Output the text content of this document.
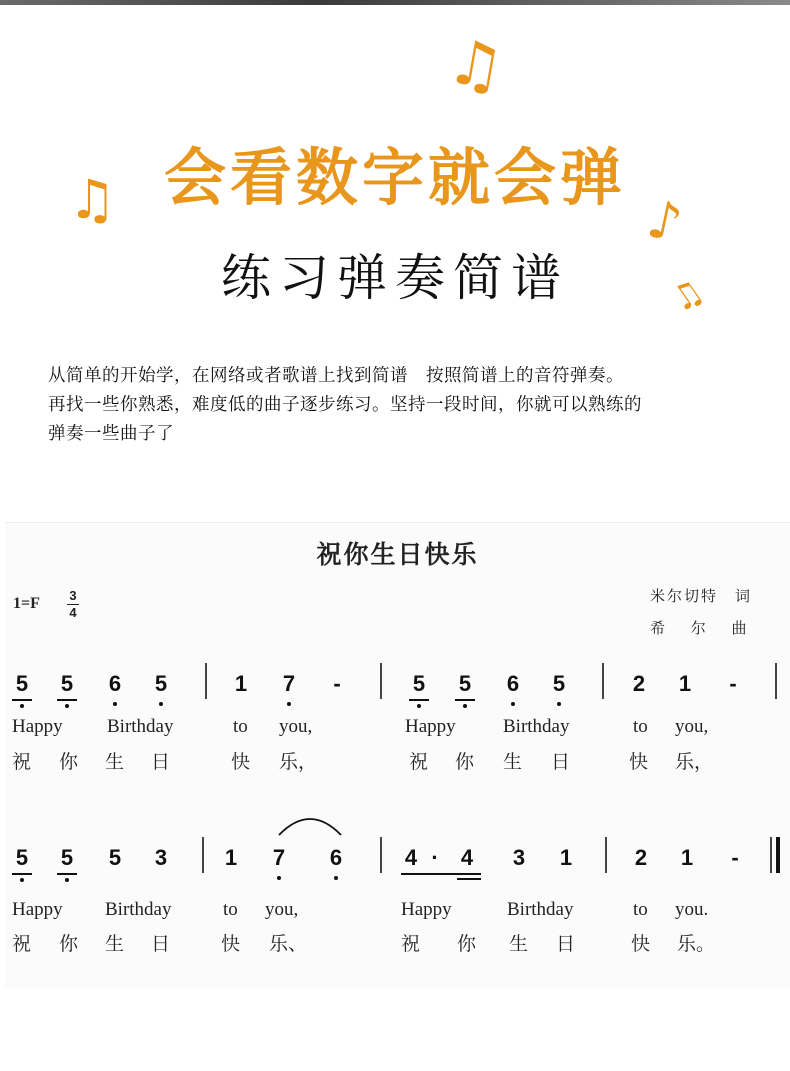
♫
♫	♪
♫
会看数字就会弹
练习弹奏简谱
从简单的开始学，在网络或者歌谱上找到简谱　按照简谱上的音符弹奏。
再找一些你熟悉，难度低的曲子逐步练习。坚持一段时间，你就可以熟练的
弹奏一些曲子了
祝你生日快乐
1=F 3
4
米尔切特　词
希　 尔　 曲
5 5 6 5	1 7 -	5 5 6 5	2 1 -
Happy Birthday	to you,	Happy Birthday	to you,
祝 你 生 日	快 乐，	祝 你 生 日	快 乐，
5 5 5 3	1 7 6	4 · 4 3 1	2 1 -
Happy Birthday	to you,	Happy	Birthday	to you.
祝 你 生 日	快 乐、	祝 你 生 日	快 乐。
